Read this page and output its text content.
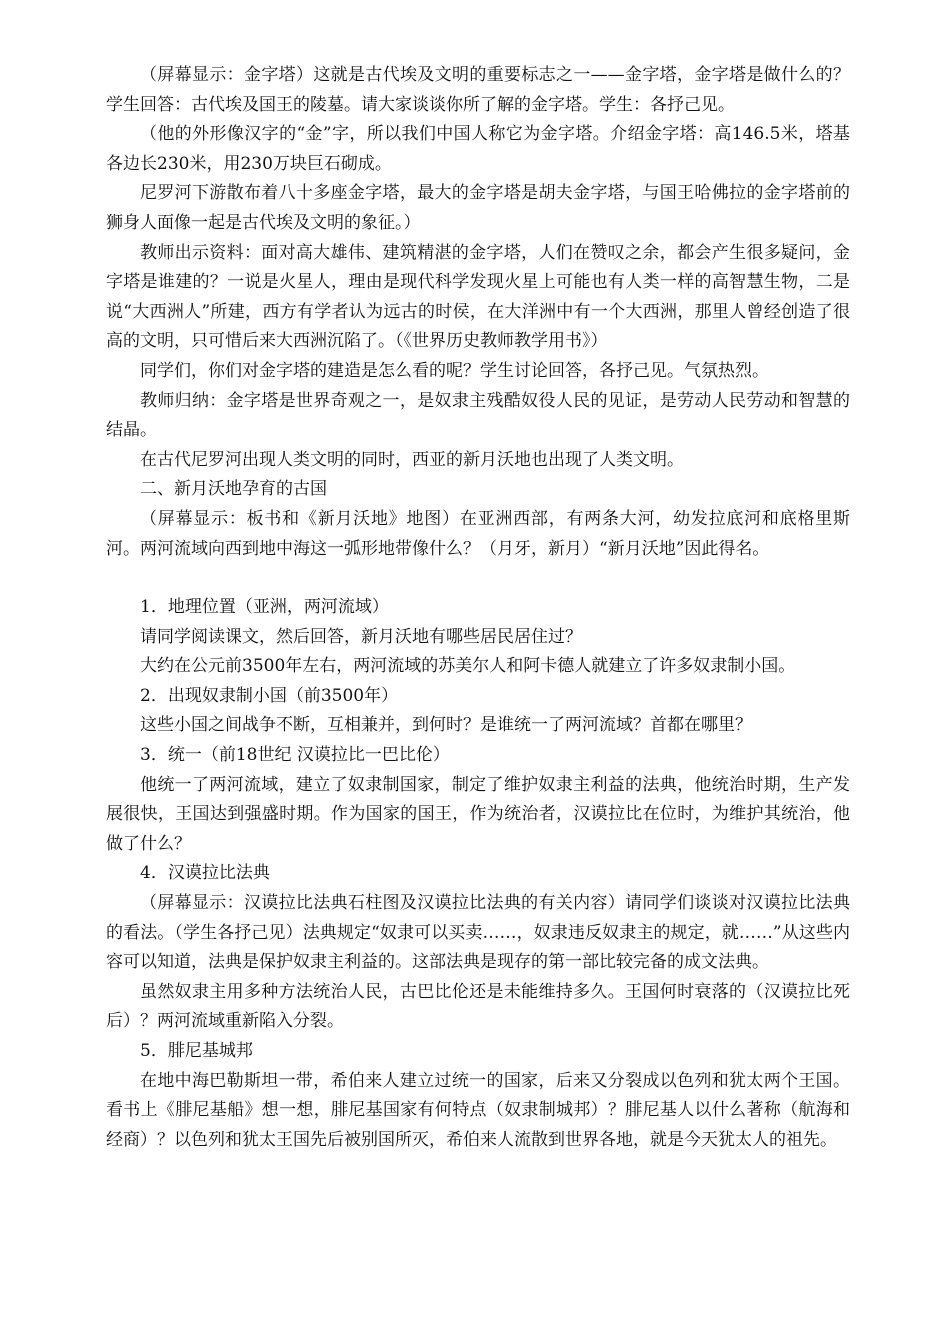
（屏幕显示：金字塔）这就是古代埃及文明的重要标志之一——金字塔，金字塔是做什么的？学生回答：古代埃及国王的陵墓。请大家谈谈你所了解的金字塔。学生：各抒己见。

（他的外形像汉字的“金”字，所以我们中国人称它为金字塔。介绍金字塔：高146.5米，塔基各边长230米，用230万块巨石砌成。

尼罗河下游散布着八十多座金字塔，最大的金字塔是胡夫金字塔，与国王哈佛拉的金字塔前的狮身人面像一起是古代埃及文明的象征。）

教师出示资料：面对高大雄伟、建筑精湛的金字塔，人们在赞叹之余，都会产生很多疑问，金字塔是谁建的？一说是火星人，理由是现代科学发现火星上可能也有人类一样的高智慧生物，二是说“大西洲人”所建，西方有学者认为远古的时侯，在大洋洲中有一个大西洲，那里人曾经创造了很高的文明，只可惜后来大西洲沉陷了。（《世界历史教师教学用书》）

同学们，你们对金字塔的建造是怎么看的呢？学生讨论回答，各抒己见。气氛热烈。

教师归纳：金字塔是世界奇观之一，是奴隶主残酷奴役人民的见证，是劳动人民劳动和智慧的结晶。

在古代尼罗河出现人类文明的同时，西亚的新月沃地也出现了人类文明。

二、新月沃地孕育的古国

（屏幕显示：板书和《新月沃地》地图）在亚洲西部，有两条大河，幼发拉底河和底格里斯河。两河流域向西到地中海这一弧形地带像什么？（月牙，新月）“新月沃地”因此得名。

1．地理位置（亚洲，两河流域）

请同学阅读课文，然后回答，新月沃地有哪些居民居住过？

大约在公元前3500年左右，两河流域的苏美尔人和阿卡德人就建立了许多奴隶制小国。

2．出现奴隶制小国（前3500年）

这些小国之间战争不断，互相兼并，到何时？是谁统一了两河流域？首都在哪里？

3．统一（前18世纪 汉谟拉比一巴比伦）

他统一了两河流域，建立了奴隶制国家，制定了维护奴隶主利益的法典，他统治时期，生产发展很快，王国达到强盛时期。作为国家的国王，作为统治者，汉谟拉比在位时，为维护其统治，他做了什么？

4．汉谟拉比法典

（屏幕显示：汉谟拉比法典石柱图及汉谟拉比法典的有关内容）请同学们谈谈对汉谟拉比法典的看法。（学生各抒己见）法典规定“奴隶可以买卖……，奴隶违反奴隶主的规定，就……”从这些内容可以知道，法典是保护奴隶主利益的。这部法典是现存的第一部比较完备的成文法典。

虽然奴隶主用多种方法统治人民，古巴比伦还是未能维持多久。王国何时衰落的（汉谟拉比死后）？两河流域重新陷入分裂。

5．腓尼基城邦

在地中海巴勒斯坦一带，希伯来人建立过统一的国家，后来又分裂成以色列和犹太两个王国。看书上《腓尼基船》想一想，腓尼基国家有何特点（奴隶制城邦）？腓尼基人以什么著称（航海和经商）？以色列和犹太王国先后被别国所灭，希伯来人流散到世界各地，就是今天犹太人的祖先。
